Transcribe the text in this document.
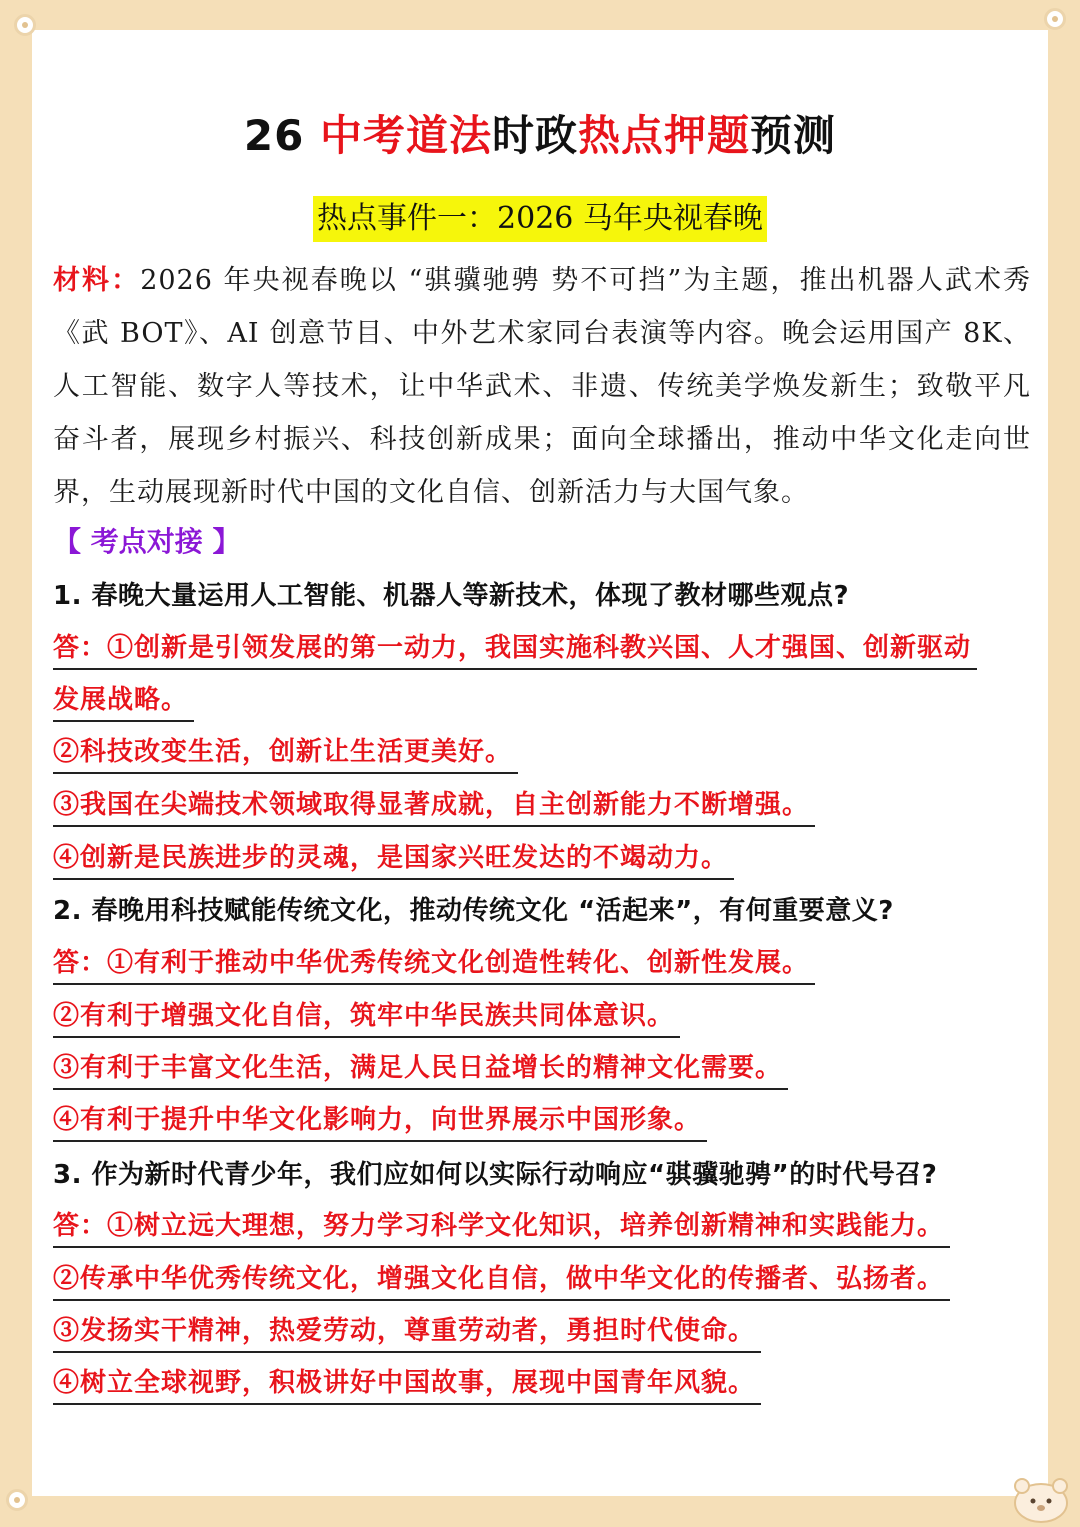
26 中考道法时政热点押题预测
热点事件一：2026 马年央视春晚
材料：2026 年央视春晚以 “骐骥驰骋 势不可挡”为主题，推出机器人武术秀《武 BOT》、AI 创意节目、中外艺术家同台表演等内容。晚会运用国产 8K、人工智能、数字人等技术，让中华武术、非遗、传统美学焕发新生；致敬平凡奋斗者，展现乡村振兴、科技创新成果；面向全球播出，推动中华文化走向世界，生动展现新时代中国的文化自信、创新活力与大国气象。
【 考点对接 】
1. 春晚大量运用人工智能、机器人等新技术，体现了教材哪些观点?
答：①创新是引领发展的第一动力，我国实施科教兴国、人才强国、创新驱动
发展战略。
②科技改变生活，创新让生活更美好。
③我国在尖端技术领域取得显著成就，自主创新能力不断增强。
④创新是民族进步的灵魂，是国家兴旺发达的不竭动力。
2. 春晚用科技赋能传统文化，推动传统文化 “活起来”，有何重要意义?
答：①有利于推动中华优秀传统文化创造性转化、创新性发展。
②有利于增强文化自信，筑牢中华民族共同体意识。
③有利于丰富文化生活，满足人民日益增长的精神文化需要。
④有利于提升中华文化影响力，向世界展示中国形象。
3. 作为新时代青少年，我们应如何以实际行动响应“骐骥驰骋”的时代号召?
答：①树立远大理想，努力学习科学文化知识，培养创新精神和实践能力。
②传承中华优秀传统文化，增强文化自信，做中华文化的传播者、弘扬者。
③发扬实干精神，热爱劳动，尊重劳动者，勇担时代使命。
④树立全球视野，积极讲好中国故事，展现中国青年风貌。
